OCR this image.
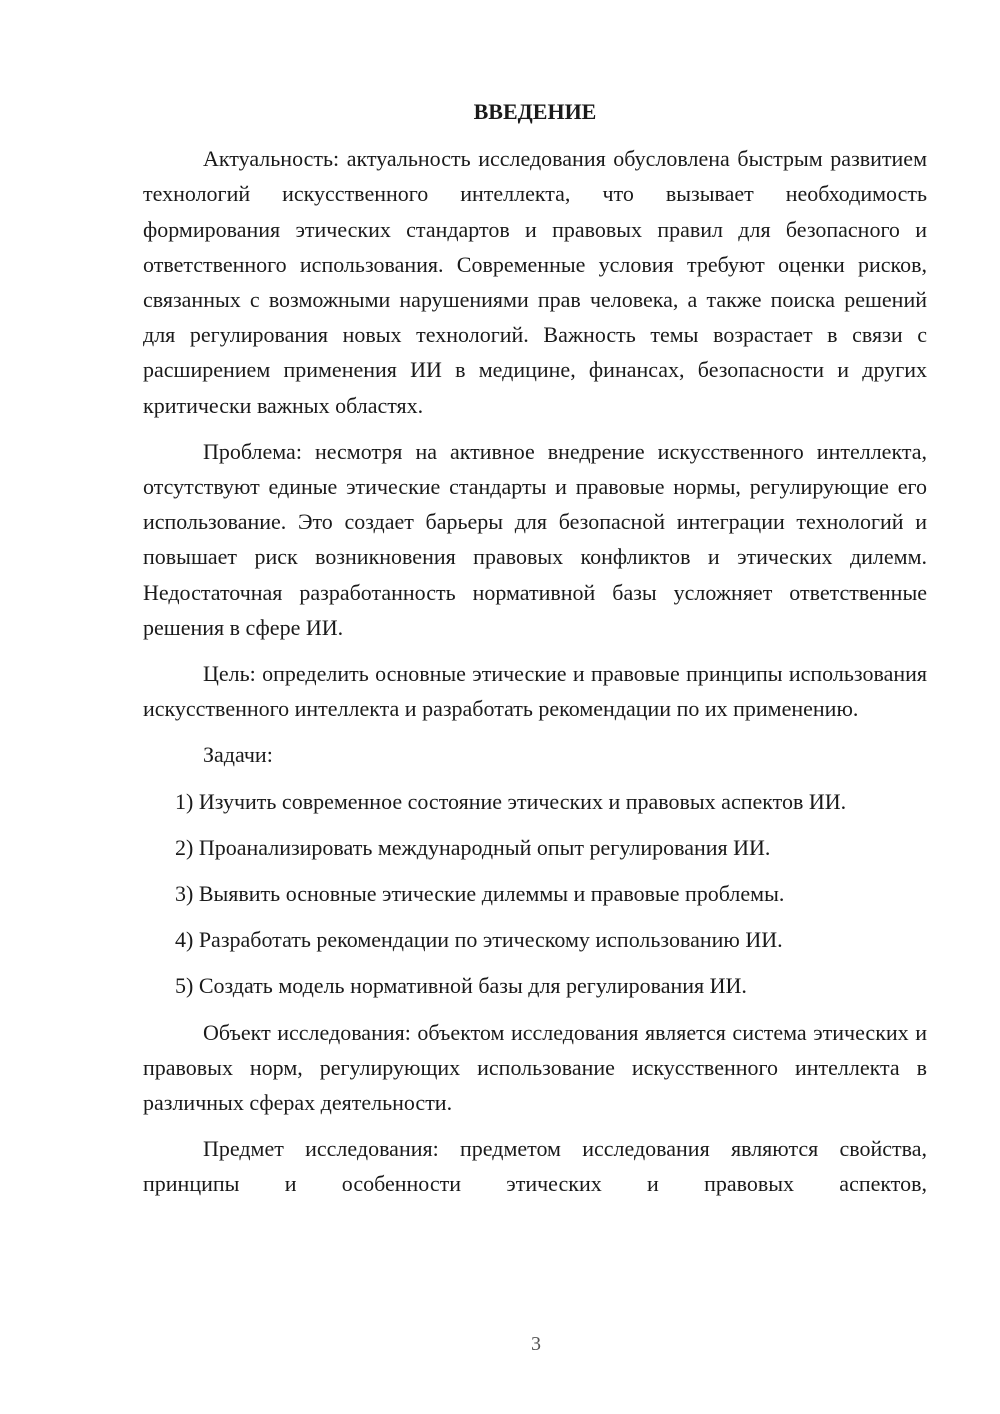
ВВЕДЕНИЕ

Актуальность: актуальность исследования обусловлена быстрым развитием технологий искусственного интеллекта, что вызывает необходимость формирования этических стандартов и правовых правил для безопасного и ответственного использования. Современные условия требуют оценки рисков, связанных с возможными нарушениями прав человека, а также поиска решений для регулирования новых технологий. Важность темы возрастает в связи с расширением применения ИИ в медицине, финансах, безопасности и других критически важных областях.

Проблема: несмотря на активное внедрение искусственного интеллекта, отсутствуют единые этические стандарты и правовые нормы, регулирующие его использование. Это создает барьеры для безопасной интеграции технологий и повышает риск возникновения правовых конфликтов и этических дилемм. Недостаточная разработанность нормативной базы усложняет ответственные решения в сфере ИИ.

Цель: определить основные этические и правовые принципы использования искусственного интеллекта и разработать рекомендации по их применению.

Задачи:

1) Изучить современное состояние этических и правовых аспектов ИИ.

2) Проанализировать международный опыт регулирования ИИ.

3) Выявить основные этические дилеммы и правовые проблемы.

4) Разработать рекомендации по этическому использованию ИИ.

5) Создать модель нормативной базы для регулирования ИИ.

Объект исследования: объектом исследования является система этических и правовых норм, регулирующих использование искусственного интеллекта в различных сферах деятельности.

Предмет исследования: предметом исследования являются свойства, принципы и особенности этических и правовых аспектов,

3
